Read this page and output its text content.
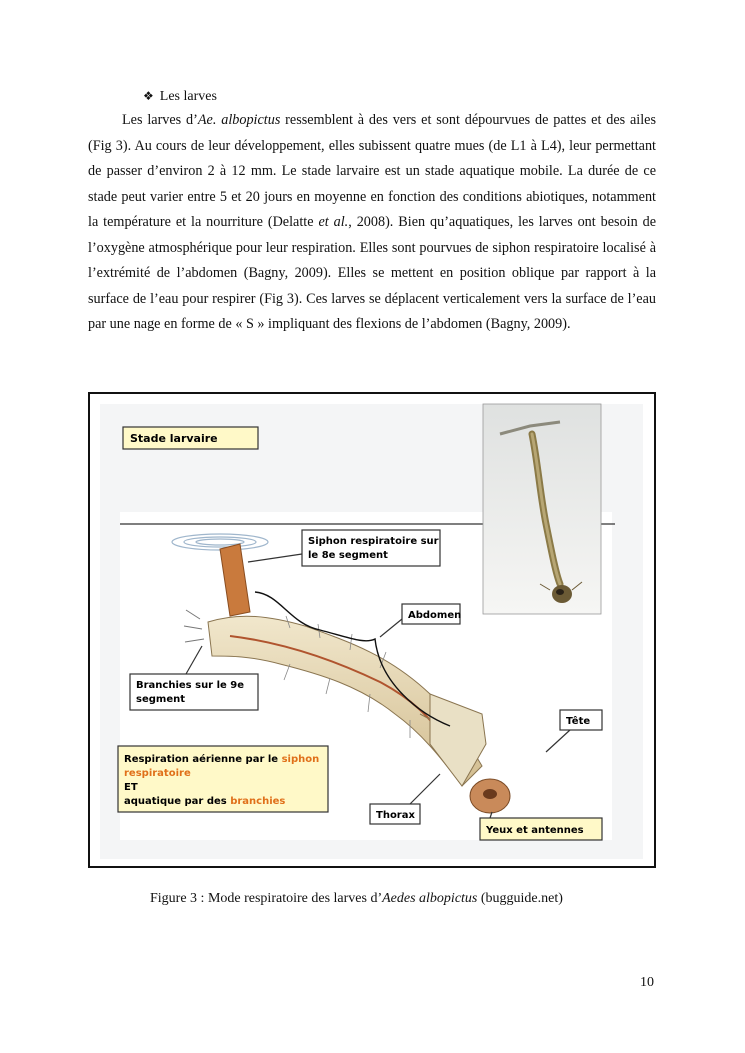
❖ Les larves

Les larves d’Ae. albopictus ressemblent à des vers et sont dépourvues de pattes et des ailes (Fig 3). Au cours de leur développement, elles subissent quatre mues (de L1 à L4), leur permettant de passer d’environ 2 à 12 mm. Le stade larvaire est un stade aquatique mobile. La durée de ce stade peut varier entre 5 et 20 jours en moyenne en fonction des conditions abiotiques, notamment la température et la nourriture (Delatte et al., 2008). Bien qu’aquatiques, les larves ont besoin de l’oxygène atmosphérique pour leur respiration. Elles sont pourvues de siphon respiratoire localisé à l’extrémité de l’abdomen (Bagny, 2009). Elles se mettent en position oblique par rapport à la surface de l’eau pour respirer (Fig 3). Ces larves se déplacent verticalement vers la surface de l’eau par une nage en forme de « S » impliquant des flexions de l’abdomen (Bagny, 2009).

Stade larvaire
Siphon respiratoire sur
le 8e segment
Abdomen
Branchies sur le 9e
segment
Tête
Respiration aérienne par le siphon
respiratoire
ET
aquatique par des branchies
Thorax
Yeux et antennes
Figure 3 : Mode respiratoire des larves d’Aedes albopictus (bugguide.net)
10
